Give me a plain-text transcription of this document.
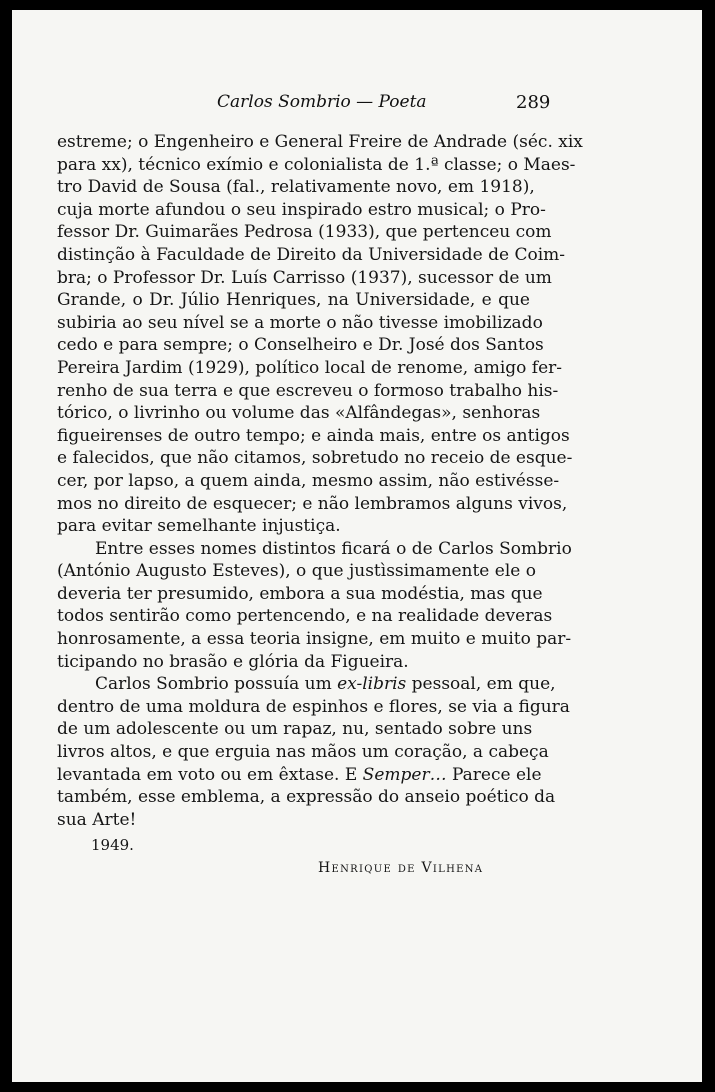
Carlos Sombrio — Poeta	289
estreme; o Engenheiro e General Freire de Andrade (séc. xix
para xx), técnico exímio e colonialista de 1.ª classe; o Maes-
tro David de Sousa (fal., relativamente novo, em 1918),
cuja morte afundou o seu inspirado estro musical; o Pro-
fessor Dr. Guimarães Pedrosa (1933), que pertenceu com
distinção à Faculdade de Direito da Universidade de Coim-
bra; o Professor Dr. Luís Carrisso (1937), sucessor de um
Grande, o Dr. Júlio Henriques, na Universidade, e que
subiria ao seu nível se a morte o não tivesse imobilizado
cedo e para sempre; o Conselheiro e Dr. José dos Santos
Pereira Jardim (1929), político local de renome, amigo fer-
renho de sua terra e que escreveu o formoso trabalho his-
tórico, o livrinho ou volume das «Alfândegas», senhoras
figueirenses de outro tempo; e ainda mais, entre os antigos
e falecidos, que não citamos, sobretudo no receio de esque-
cer, por lapso, a quem ainda, mesmo assim, não estivésse-
mos no direito de esquecer; e não lembramos alguns vivos,
para evitar semelhante injustiça.
Entre esses nomes distintos ficará o de Carlos Sombrio
(António Augusto Esteves), o que justìssimamente ele o
deveria ter presumido, embora a sua modéstia, mas que
todos sentirão como pertencendo, e na realidade deveras
honrosamente, a essa teoria insigne, em muito e muito par-
ticipando no brasão e glória da Figueira.
Carlos Sombrio possuía um ex-libris pessoal, em que,
dentro de uma moldura de espinhos e flores, se via a figura
de um adolescente ou um rapaz, nu, sentado sobre uns
livros altos, e que erguia nas mãos um coração, a cabeça
levantada em voto ou em êxtase. E Semper… Parece ele
também, esse emblema, a expressão do anseio poético da
sua Arte!
1949.
Henrique de Vilhena
